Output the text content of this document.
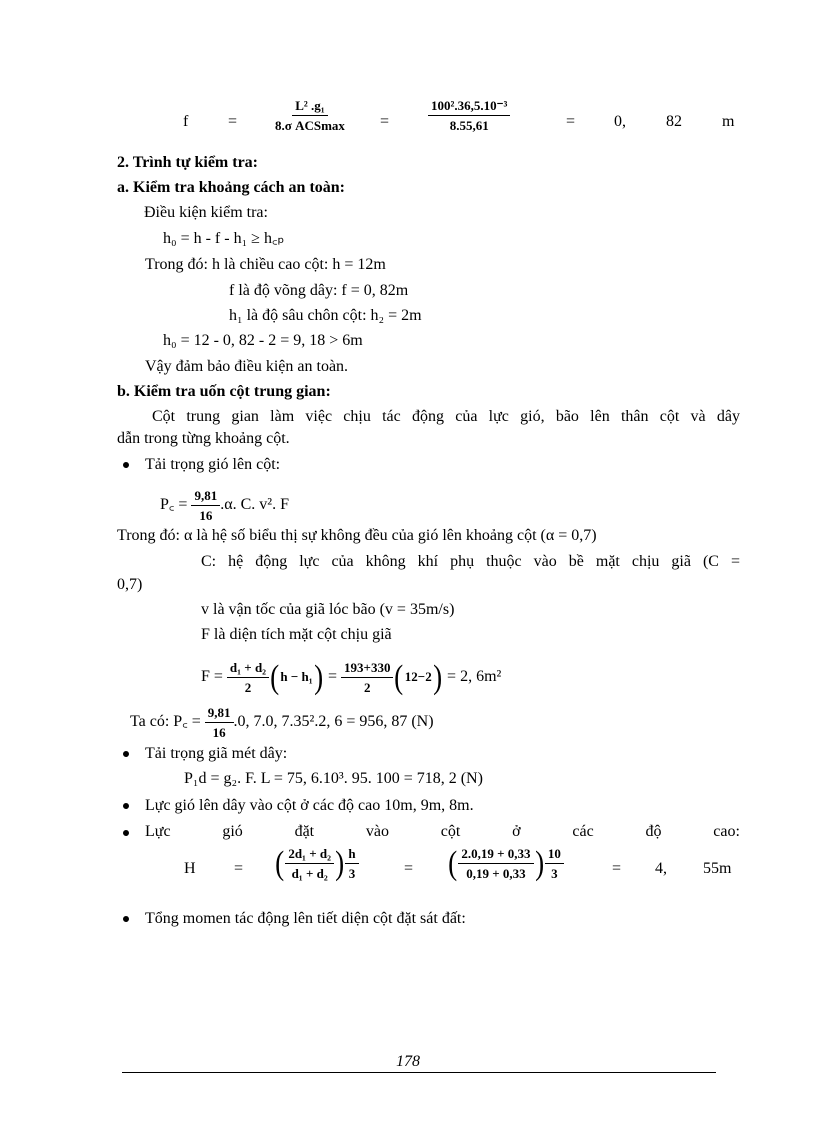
f =	$\frac{\text{L² .g₁}}{\text{8.σ ACSmax}}$ =	$\frac{\text{100².36,5.10⁻³}}{8.55,61}$	= 0,	82	m
2. Trình tự kiểm tra:
a. Kiểm tra khoảng cách an toàn:
Điều kiện kiểm tra:
h₀ = h - f - h₁ ≥ h꜀ₚ
Trong đó: h là chiều cao cột: h = 12m
f là độ võng dây: f = 0, 82m
h₁ là độ sâu chôn cột: h₂ = 2m
h₀ = 12 - 0, 82 - 2 = 9, 18 > 6m
Vậy đảm bảo điều kiện an toàn.
b. Kiểm tra uốn cột trung gian:
Cột trung gian làm việc chịu tác động của lực gió, bão lên thân cột và dây
dẫn trong từng khoảng cột.
Tải trọng gió lên cột:
P꜀ = $\frac{9,81}{16} .\alpha$. C. v². F
Trong đó: α là hệ số biểu thị sự không đều của gió lên khoảng cột (α = 0,7)
C: hệ động lực của không khí phụ thuộc vào bề mặt chịu giã (C =
0,7)
v là vận tốc của giã lóc bão (v = 35m/s)
F là diện tích mặt cột chịu giã
$F = \frac{\text{d₁ + d₂}}{2} (h - h_1) = \frac{193+330}{2} (12-2) = 2$, 6m²
Ta có: P꜀ = $\frac{9,81}{16} .0$, 7.0, 7.35².2, 6 = 956, 87 (N)
Tải trọng giã mét dây:
P₁d = g₂. F. L = 75, 6.10³. 95. 100 = 718, 2 (N)
Lực gió lên dây vào cột ở các độ cao 10m, 9m, 8m.
Lực	gió	đặt	vào	cột	ở	các	độ	cao:
H = ( $\frac{\text{2d₁ + d₂}}{\text{d₁ + d₂}}$ ) $\frac{h}{3}$	= ( $\frac{2.0,19 + 0,33}{0,19 + 0,33}$ ) $\frac{10}{3}$	= 4, 55m
Tổng momen tác động lên tiết diện cột đặt sát đất:
178
